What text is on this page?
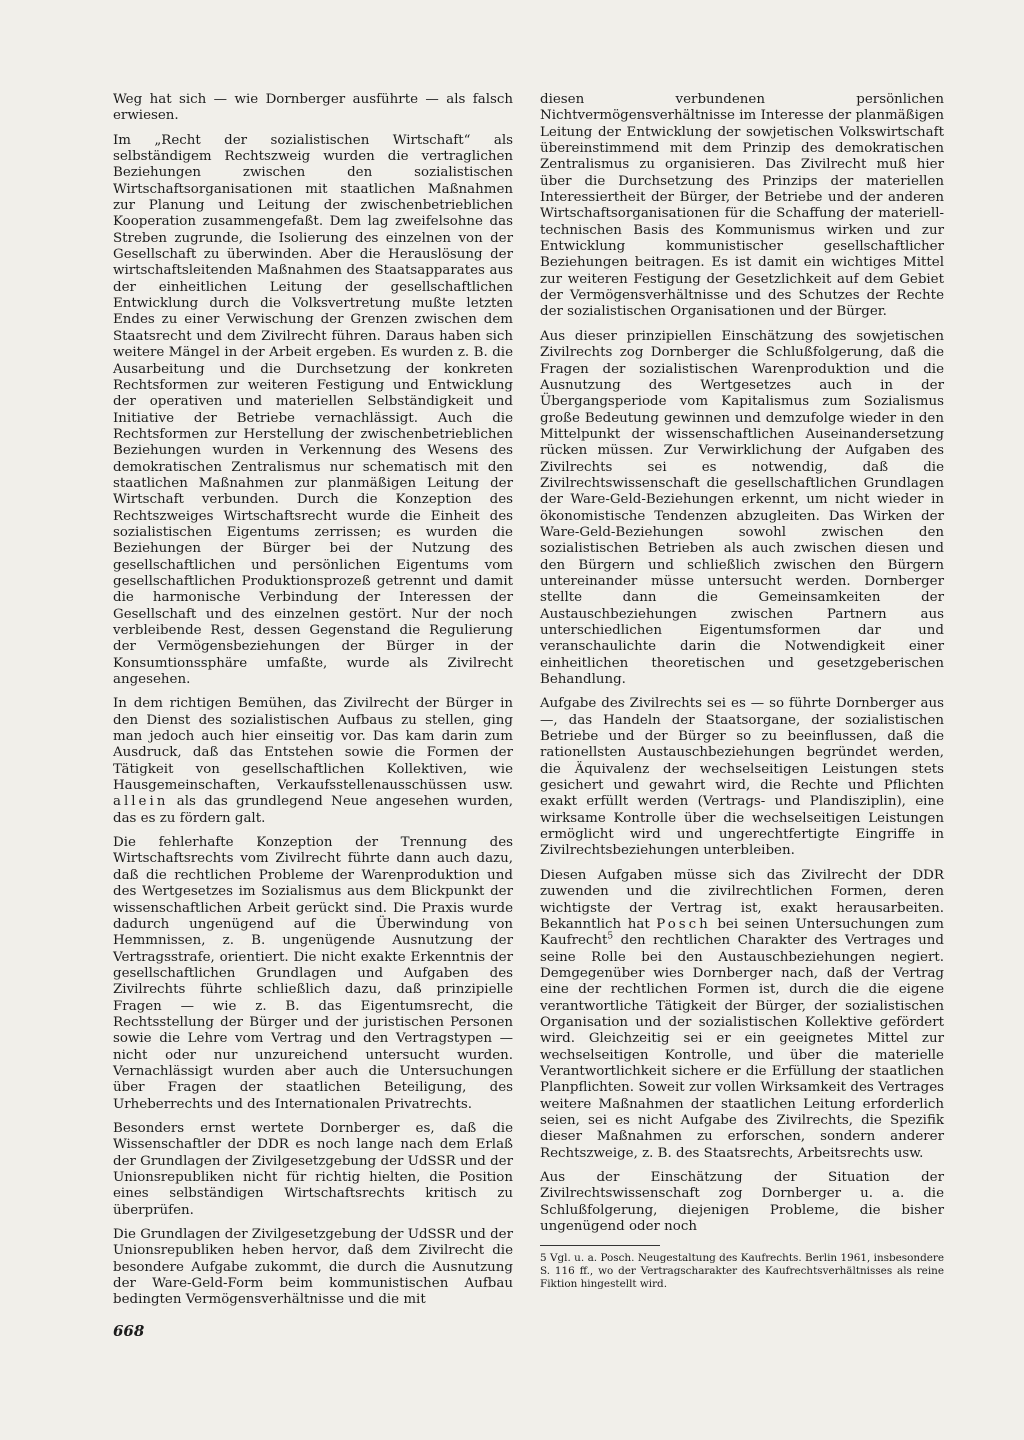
Weg hat sich — wie Dornberger ausführte — als falsch erwiesen.

Im „Recht der sozialistischen Wirtschaft“ als selbständigem Rechtszweig wurden die vertraglichen Beziehungen zwischen den sozialistischen Wirtschaftsorganisationen mit staatlichen Maßnahmen zur Planung und Leitung der zwischenbetrieblichen Kooperation zusammengefaßt. Dem lag zweifelsohne das Streben zugrunde, die Isolierung des einzelnen von der Gesellschaft zu überwinden. Aber die Herauslösung der wirtschaftsleitenden Maßnahmen des Staatsapparates aus der einheitlichen Leitung der gesellschaftlichen Entwicklung durch die Volksvertretung mußte letzten Endes zu einer Verwischung der Grenzen zwischen dem Staatsrecht und dem Zivilrecht führen. Daraus haben sich weitere Mängel in der Arbeit ergeben. Es wurden z. B. die Ausarbeitung und die Durchsetzung der konkreten Rechtsformen zur weiteren Festigung und Entwicklung der operativen und materiellen Selbständigkeit und Initiative der Betriebe vernachlässigt. Auch die Rechtsformen zur Herstellung der zwischenbetrieblichen Beziehungen wurden in Verkennung des Wesens des demokratischen Zentralismus nur schematisch mit den staatlichen Maßnahmen zur planmäßigen Leitung der Wirtschaft verbunden. Durch die Konzeption des Rechtszweiges Wirtschaftsrecht wurde die Einheit des sozialistischen Eigentums zerrissen; es wurden die Beziehungen der Bürger bei der Nutzung des gesellschaftlichen und persönlichen Eigentums vom gesellschaftlichen Produktionsprozeß getrennt und damit die harmonische Verbindung der Interessen der Gesellschaft und des einzelnen gestört. Nur der noch verbleibende Rest, dessen Gegenstand die Regulierung der Vermögensbeziehungen der Bürger in der Konsumtionssphäre umfaßte, wurde als Zivilrecht angesehen.

In dem richtigen Bemühen, das Zivilrecht der Bürger in den Dienst des sozialistischen Aufbaus zu stellen, ging man jedoch auch hier einseitig vor. Das kam darin zum Ausdruck, daß das Entstehen sowie die Formen der Tätigkeit von gesellschaftlichen Kollektiven, wie Hausgemeinschaften, Verkaufsstellenausschüssen usw. allein als das grundlegend Neue angesehen wurden, das es zu fördern galt.

Die fehlerhafte Konzeption der Trennung des Wirtschaftsrechts vom Zivilrecht führte dann auch dazu, daß die rechtlichen Probleme der Warenproduktion und des Wertgesetzes im Sozialismus aus dem Blickpunkt der wissenschaftlichen Arbeit gerückt sind. Die Praxis wurde dadurch ungenügend auf die Überwindung von Hemmnissen, z. B. ungenügende Ausnutzung der Vertragsstrafe, orientiert. Die nicht exakte Erkenntnis der gesellschaftlichen Grundlagen und Aufgaben des Zivilrechts führte schließlich dazu, daß prinzipielle Fragen — wie z. B. das Eigentumsrecht, die Rechtsstellung der Bürger und der juristischen Personen sowie die Lehre vom Vertrag und den Vertragstypen — nicht oder nur unzureichend untersucht wurden. Vernachlässigt wurden aber auch die Untersuchungen über Fragen der staatlichen Beteiligung, des Urheberrechts und des Internationalen Privatrechts.

Besonders ernst wertete Dornberger es, daß die Wissenschaftler der DDR es noch lange nach dem Erlaß der Grundlagen der Zivilgesetzgebung der UdSSR und der Unionsrepubliken nicht für richtig hielten, die Position eines selbständigen Wirtschaftsrechts kritisch zu überprüfen.

Die Grundlagen der Zivilgesetzgebung der UdSSR und der Unionsrepubliken heben hervor, daß dem Zivilrecht die besondere Aufgabe zukommt, die durch die Ausnutzung der Ware-Geld-Form beim kommunistischen Aufbau bedingten Vermögensverhältnisse und die mit

diesen verbundenen persönlichen Nichtvermögensverhältnisse im Interesse der planmäßigen Leitung der Entwicklung der sowjetischen Volkswirtschaft übereinstimmend mit dem Prinzip des demokratischen Zentralismus zu organisieren. Das Zivilrecht muß hier über die Durchsetzung des Prinzips der materiellen Interessiertheit der Bürger, der Betriebe und der anderen Wirtschaftsorganisationen für die Schaffung der materiell-technischen Basis des Kommunismus wirken und zur Entwicklung kommunistischer gesellschaftlicher Beziehungen beitragen. Es ist damit ein wichtiges Mittel zur weiteren Festigung der Gesetzlichkeit auf dem Gebiet der Vermögensverhältnisse und des Schutzes der Rechte der sozialistischen Organisationen und der Bürger.

Aus dieser prinzipiellen Einschätzung des sowjetischen Zivilrechts zog Dornberger die Schlußfolgerung, daß die Fragen der sozialistischen Warenproduktion und die Ausnutzung des Wertgesetzes auch in der Übergangsperiode vom Kapitalismus zum Sozialismus große Bedeutung gewinnen und demzufolge wieder in den Mittelpunkt der wissenschaftlichen Auseinandersetzung rücken müssen. Zur Verwirklichung der Aufgaben des Zivilrechts sei es notwendig, daß die Zivilrechtswissenschaft die gesellschaftlichen Grundlagen der Ware-Geld-Beziehungen erkennt, um nicht wieder in ökonomistische Tendenzen abzugleiten. Das Wirken der Ware-Geld-Beziehungen sowohl zwischen den sozialistischen Betrieben als auch zwischen diesen und den Bürgern und schließlich zwischen den Bürgern untereinander müsse untersucht werden. Dornberger stellte dann die Gemeinsamkeiten der Austauschbeziehungen zwischen Partnern aus unterschiedlichen Eigentumsformen dar und veranschaulichte darin die Notwendigkeit einer einheitlichen theoretischen und gesetzgeberischen Behandlung.

Aufgabe des Zivilrechts sei es — so führte Dornberger aus —, das Handeln der Staatsorgane, der sozialistischen Betriebe und der Bürger so zu beeinflussen, daß die rationellsten Austauschbeziehungen begründet werden, die Äquivalenz der wechselseitigen Leistungen stets gesichert und gewahrt wird, die Rechte und Pflichten exakt erfüllt werden (Vertrags- und Plandisziplin), eine wirksame Kontrolle über die wechselseitigen Leistungen ermöglicht wird und ungerechtfertigte Eingriffe in Zivilrechtsbeziehungen unterbleiben.

Diesen Aufgaben müsse sich das Zivilrecht der DDR zuwenden und die zivilrechtlichen Formen, deren wichtigste der Vertrag ist, exakt herausarbeiten. Bekanntlich hat Posch bei seinen Untersuchungen zum Kaufrecht$^5$ den rechtlichen Charakter des Vertrages und seine Rolle bei den Austauschbeziehungen negiert. Demgegenüber wies Dornberger nach, daß der Vertrag eine der rechtlichen Formen ist, durch die die eigene verantwortliche Tätigkeit der Bürger, der sozialistischen Organisation und der sozialistischen Kollektive gefördert wird. Gleichzeitig sei er ein geeignetes Mittel zur wechselseitigen Kontrolle, und über die materielle Verantwortlichkeit sichere er die Erfüllung der staatlichen Planpflichten. Soweit zur vollen Wirksamkeit des Vertrages weitere Maßnahmen der staatlichen Leitung erforderlich seien, sei es nicht Aufgabe des Zivilrechts, die Spezifik dieser Maßnahmen zu erforschen, sondern anderer Rechtszweige, z. B. des Staatsrechts, Arbeitsrechts usw.

Aus der Einschätzung der Situation der Zivilrechtswissenschaft zog Dornberger u. a. die Schlußfolgerung, diejenigen Probleme, die bisher ungenügend oder noch

5 Vgl. u. a. Posch. Neugestaltung des Kaufrechts. Berlin 1961, insbesondere S. 116 ff., wo der Vertragscharakter des Kaufrechtsverhältnisses als reine Fiktion hingestellt wird.

668
